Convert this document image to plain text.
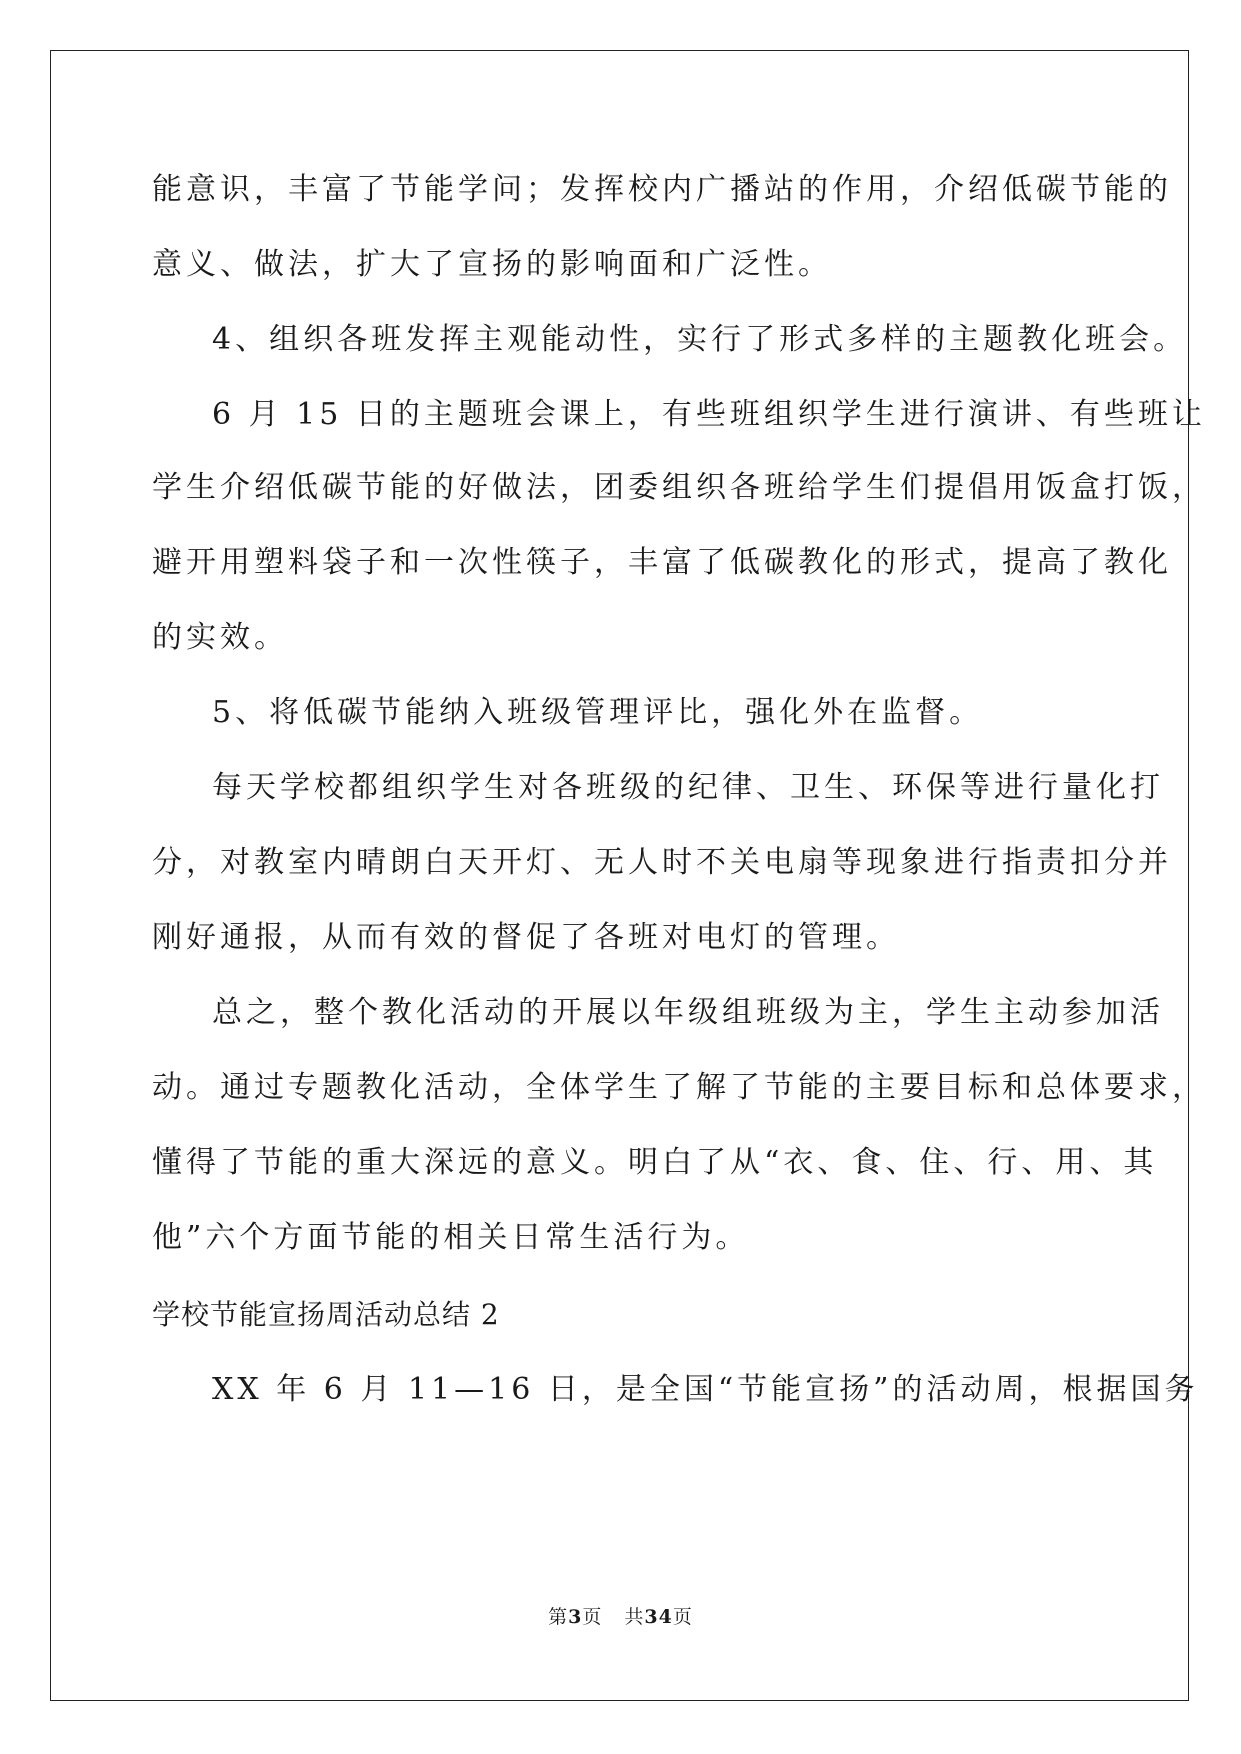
能意识，丰富了节能学问；发挥校内广播站的作用，介绍低碳节能的
意义、做法，扩大了宣扬的影响面和广泛性。
4、组织各班发挥主观能动性，实行了形式多样的主题教化班会。
6 月 15 日的主题班会课上，有些班组织学生进行演讲、有些班让
学生介绍低碳节能的好做法，团委组织各班给学生们提倡用饭盒打饭，
避开用塑料袋子和一次性筷子，丰富了低碳教化的形式，提高了教化
的实效。
5、将低碳节能纳入班级管理评比，强化外在监督。
每天学校都组织学生对各班级的纪律、卫生、环保等进行量化打
分，对教室内晴朗白天开灯、无人时不关电扇等现象进行指责扣分并
刚好通报，从而有效的督促了各班对电灯的管理。
总之，整个教化活动的开展以年级组班级为主，学生主动参加活
动。通过专题教化活动，全体学生了解了节能的主要目标和总体要求，
懂得了节能的重大深远的意义。明白了从“衣、食、住、行、用、其
他”六个方面节能的相关日常生活行为。
学校节能宣扬周活动总结 2
XX 年 6 月 11—16 日，是全国“节能宣扬”的活动周，根据国务
第3页 共34页
